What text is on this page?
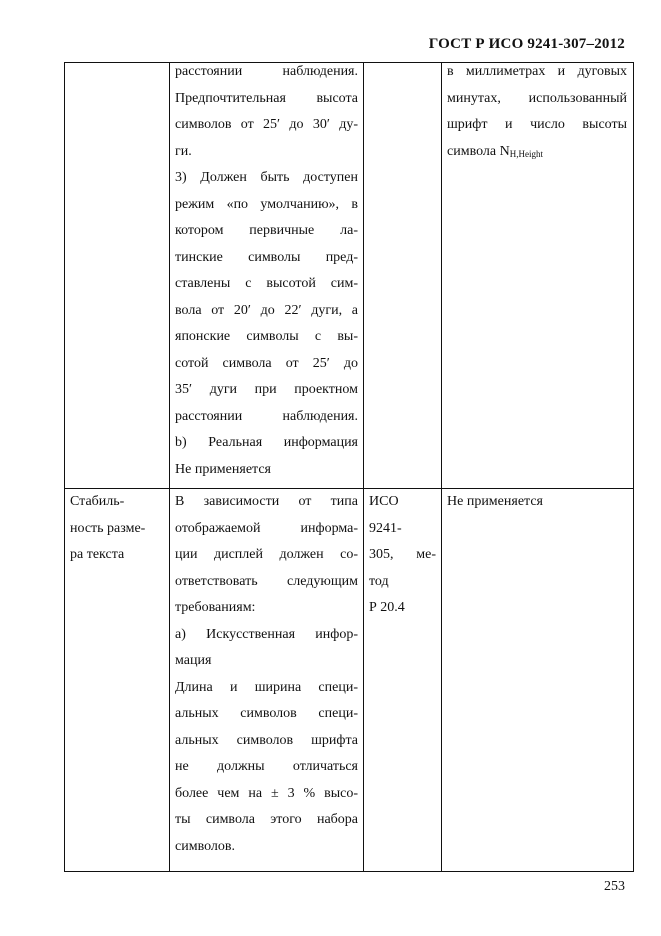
ГОСТ Р ИСО 9241-307–2012
расстоянии наблюдения.
Предпочтительная высота
символов от 25′ до 30′ ду-
ги.
3) Должен быть доступен
режим «по умолчанию», в
котором первичные ла-
тинские символы пред-
ставлены с высотой сим-
вола от 20′ до 22′ дуги, а
японские символы с вы-
сотой символа от 25′ до
35′ дуги при проектном
расстоянии наблюдения.
b) Реальная информация
Не применяется
в миллиметрах и дуговых
минутах, использованный
шрифт и число высоты
символа $N_{H,Height}$
Стабиль-
ность разме-
ра текста
В зависимости от типа
отображаемой информа-
ции дисплей должен со-
ответствовать следующим
требованиям:
а) Искусственная инфор-
мация
Длина и ширина специ-
альных символов специ-
альных символов шрифта
не должны отличаться
более чем на ± 3 % высо-
ты символа этого набора
символов.
ИСО
9241-
305, ме-
тод
Р 20.4
Не применяется
253
